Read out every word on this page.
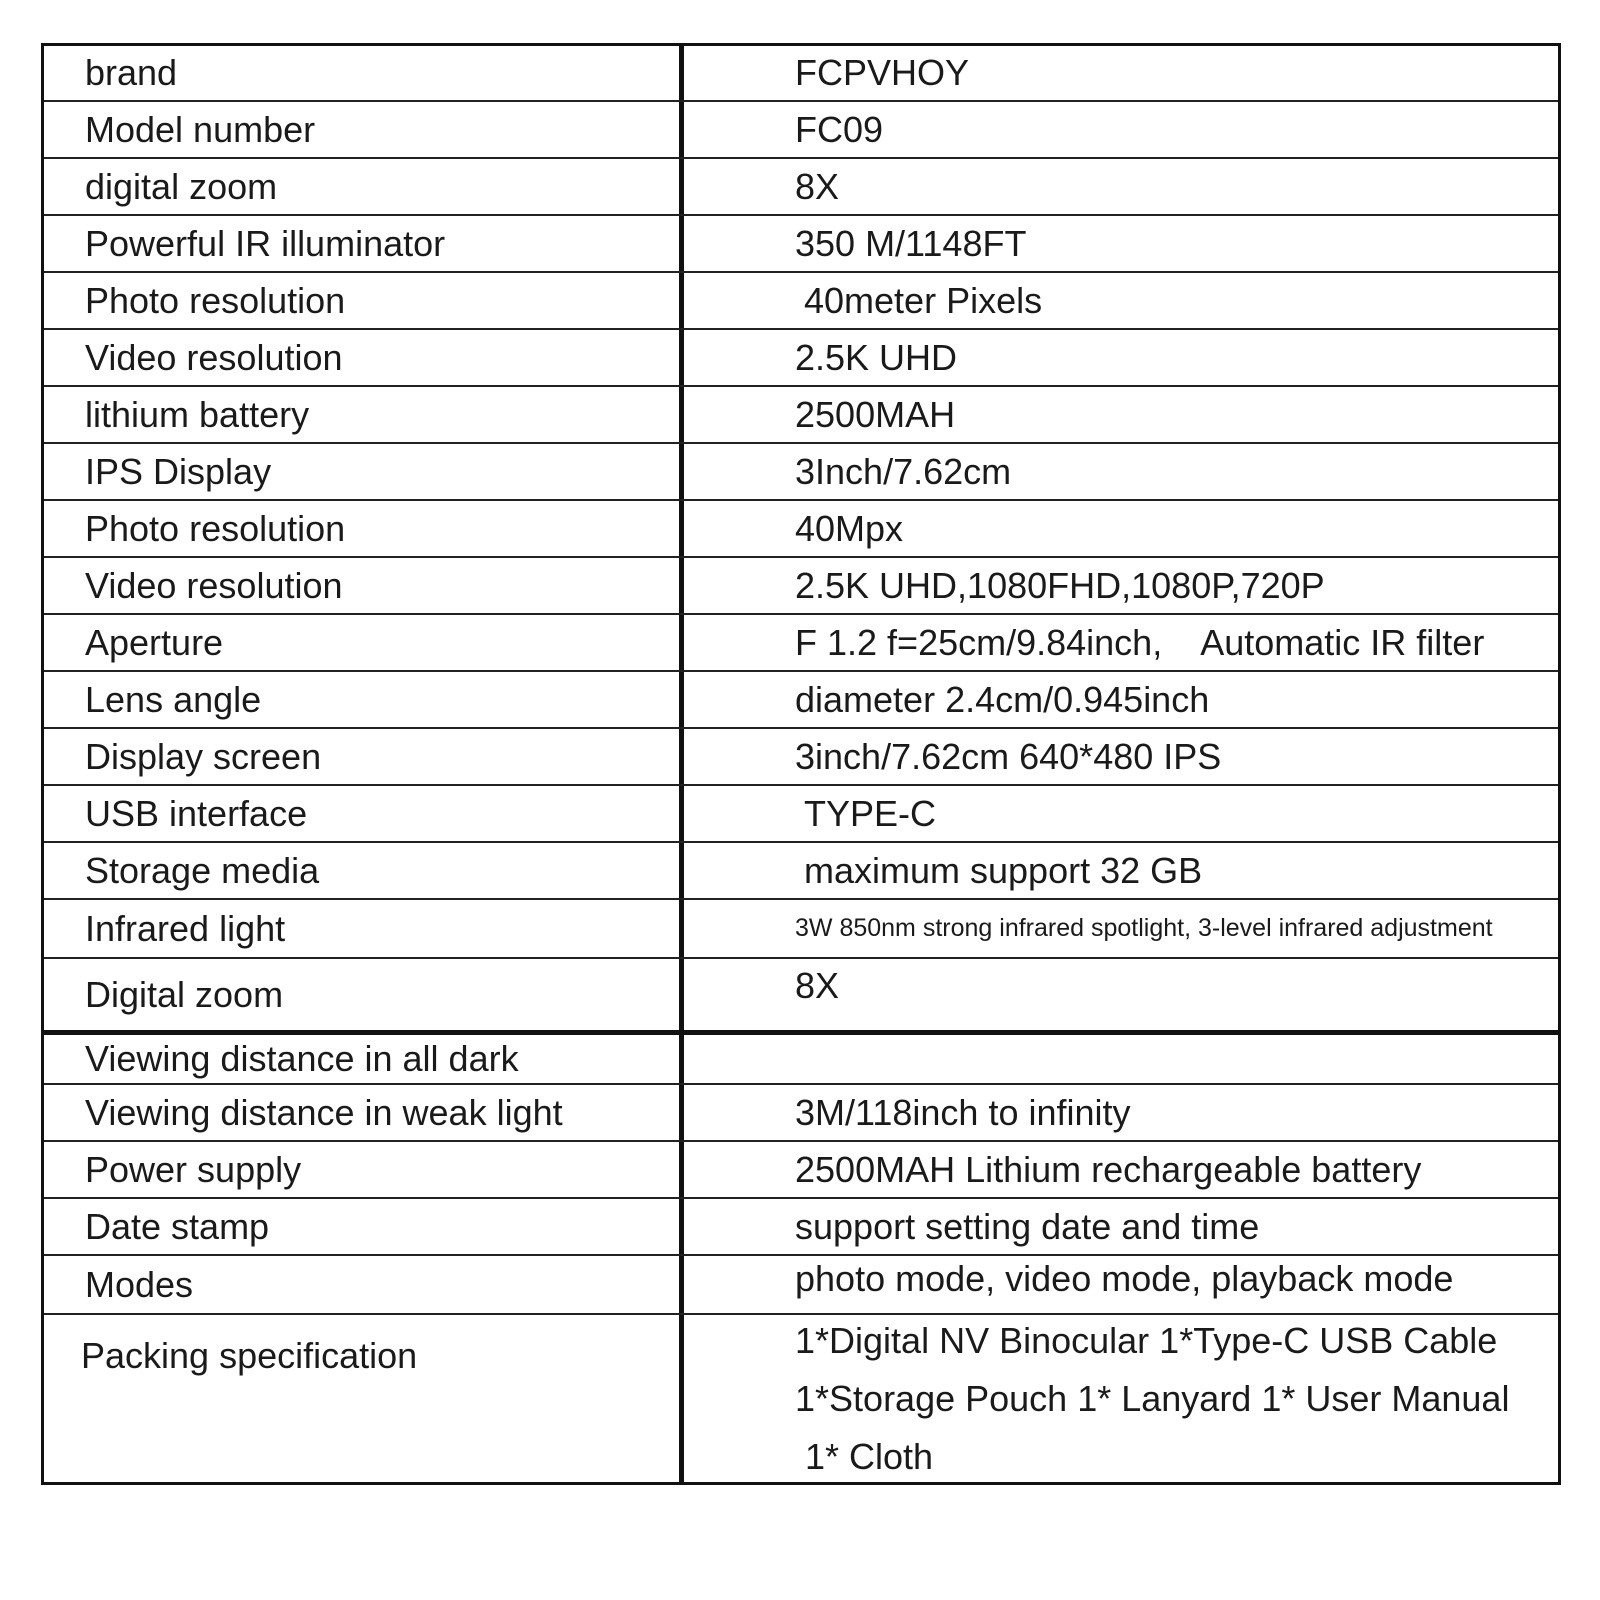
brand	FCPVHOY
Model number	FC09
digital zoom	8X
Powerful IR illuminator	350 M/1148FT
Photo resolution	40meter Pixels
Video resolution	2.5K UHD
lithium battery	2500MAH
IPS Display	3Inch/7.62cm
Photo resolution	40Mpx
Video resolution	2.5K UHD,1080FHD,1080P,720P
Aperture	F 1.2 f=25cm/9.84inch,    Automatic IR filter
Lens angle	diameter 2.4cm/0.945inch
Display screen	3inch/7.62cm 640*480 IPS
USB interface	TYPE-C
Storage media	maximum support 32 GB
Infrared light	3W 850nm strong infrared spotlight, 3-level infrared adjustment
Digital zoom	8X
Viewing distance in all dark
Viewing distance in weak light	3M/118inch to infinity
Power supply	2500MAH Lithium rechargeable battery
Date stamp	support setting date and time
Modes	photo mode, video mode, playback mode
Packing specification	1*Digital NV Binocular 1*Type-C USB Cable
1*Storage Pouch 1* Lanyard 1* User Manual
1* Cloth
